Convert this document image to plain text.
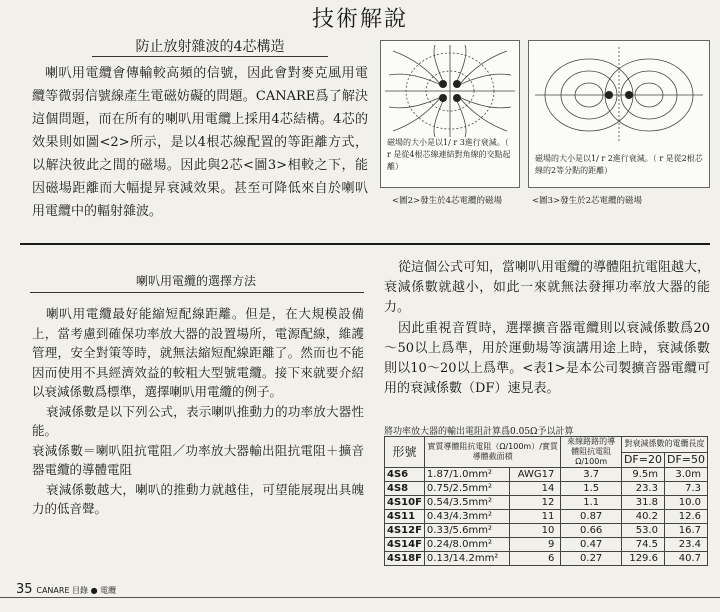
技術解說
防止放射雜波的4芯構造
喇叭用電纜會傳輸較高頻的信號，因此會對麥克風用電纜等微弱信號線產生電磁妨礙的問題。CANARE爲了解決這個問題，而在所有的喇叭用電纜上採用4芯結構。4芯的效果則如圖<2>所示，是以4根芯線配置的等距離方式，以解決彼此之間的磁場。因此與2芯<圖3>相較之下，能因磁場距離而大幅提昇衰減效果。甚至可降低來自於喇叭用電纜中的輻射雜波。
磁場的大小是以1/ r 3進行衰減。（ r 是從4根芯線連結對角線的交點起離）
<圖2>發生於4芯電纜的磁場
磁場的大小是以1/ r 2進行衰減。（ r 是從2根芯線的2等分點的距離）
<圖3>發生於2芯電纜的磁場
喇叭用電纜的選擇方法

喇叭用電纜最好能縮短配線距離。但是，在大規模設備上，當考慮到確保功率放大器的設置場所，電源配線，維護管理，安全對策等時，就無法縮短配線距離了。然而也不能因而使用不具經濟效益的較粗大型號電纜。接下來就要介紹以衰減係數爲標準，選擇喇叭用電纜的例子。

衰減係數是以下列公式，表示喇叭推動力的功率放大器性能。

衰減係數＝喇叭阻抗電阻／功率放大器輸出阻抗電阻＋擴音器電纜的導體電阻

衰減係數越大，喇叭的推動力就越佳，可望能展現出具魄力的低音聲。

從這個公式可知，當喇叭用電纜的導體阻抗電阻越大，衰減係數就越小，如此一來就無法發揮功率放大器的能力。

因此重視音質時，選擇擴音器電纜則以衰減係數爲20～50以上爲準，用於運動場等演講用途上時，衰減係數則以10～20以上爲準。<表1>是本公司製擴音器電纜可用的衰減係數（DF）速見表。

將功率放大器的輸出電阻計算爲0.05Ω予以計算
形號	實質導體阻抗電阻（Ω/100m）/實質導體截面積		來線路路的導體阻抗電阻Ω/100m	對衰減係數的電纜長度	
				DF=20	DF=50
4S6	1.87/1.0mm²	AWG17	3.7	9.5m	3.0m
4S8	0.75/2.5mm²	14	1.5	23.3	7.3
4S10F	0.54/3.5mm²	12	1.1	31.8	10.0
4S11	0.43/4.3mm²	11	0.87	40.2	12.6
4S12F	0.33/5.6mm²	10	0.66	53.0	16.7
4S14F	0.24/8.0mm²	9	0.47	74.5	23.4
4S18F	0.13/14.2mm²	6	0.27	129.6	40.7
35 CANARE 目錄 ● 電纜
